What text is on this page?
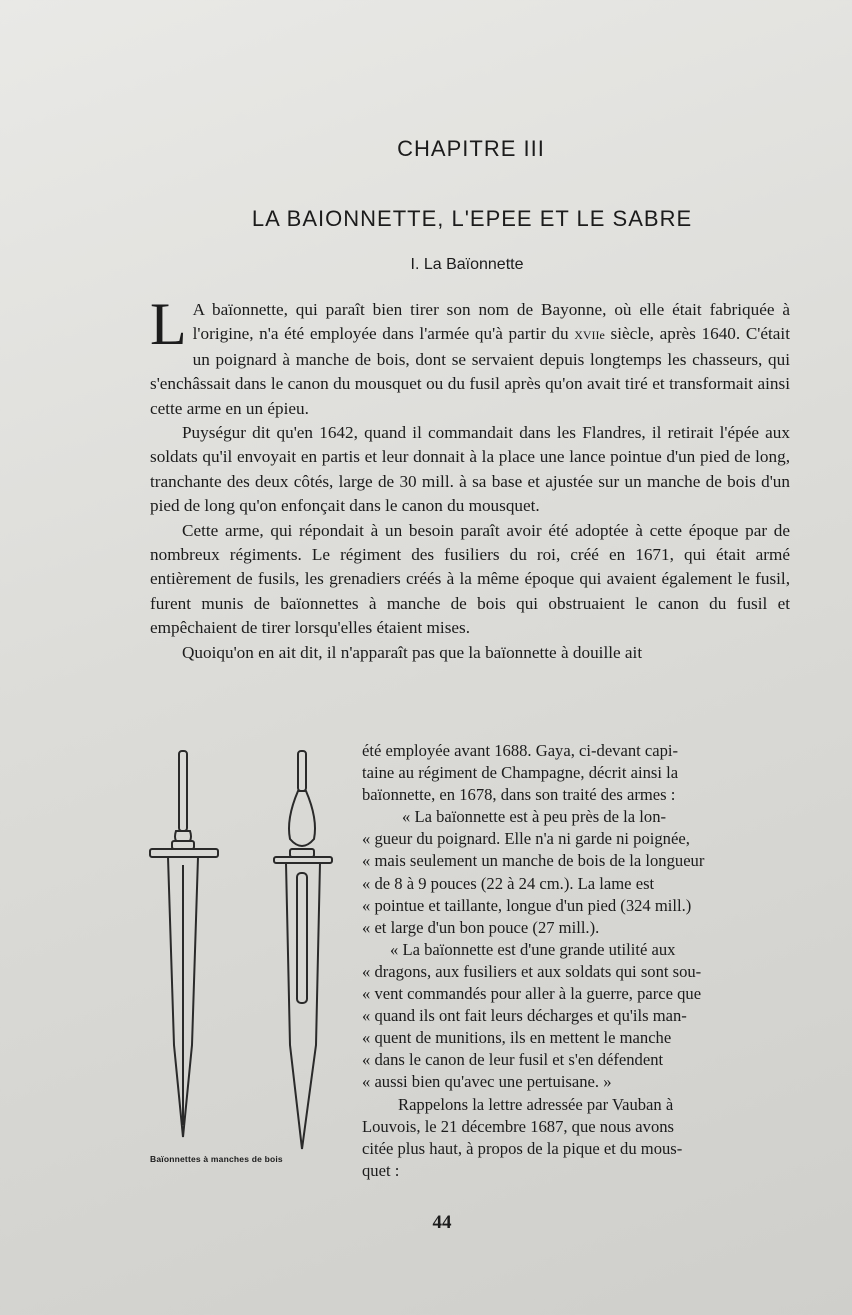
CHAPITRE III
LA BAIONNETTE, L'EPEE ET LE SABRE
I. La Baïonnette

L A baïonnette, qui paraît bien tirer son nom de Bayonne, où elle était fabriquée à l'origine, n'a été employée dans l'armée qu'à partir du XVIIe siècle, après 1640. C'était un poignard à manche de bois, dont se servaient depuis longtemps les chasseurs, qui s'enchâssait dans le canon du mousquet ou du fusil après qu'on avait tiré et transformait ainsi cette arme en un épieu.

Puységur dit qu'en 1642, quand il commandait dans les Flandres, il retirait l'épée aux soldats qu'il envoyait en partis et leur donnait à la place une lance pointue d'un pied de long, tranchante des deux côtés, large de 30 mill. à sa base et ajustée sur un manche de bois d'un pied de long qu'on enfonçait dans le canon du mousquet.

Cette arme, qui répondait à un besoin paraît avoir été adoptée à cette époque par de nombreux régiments. Le régiment des fusiliers du roi, créé en 1671, qui était armé entièrement de fusils, les grenadiers créés à la même époque qui avaient également le fusil, furent munis de baïonnettes à manche de bois qui obstruaient le canon du fusil et empêchaient de tirer lorsqu'elles étaient mises.

Quoiqu'on en ait dit, il n'apparaît pas que la baïonnette à douille ait

Baïonnettes à manches de bois
été employée avant 1688. Gaya, ci-devant capi-
taine au régiment de Champagne, décrit ainsi la
baïonnette, en 1678, dans son traité des armes :
« La baïonnette est à peu près de la lon-
« gueur du poignard. Elle n'a ni garde ni poignée,
« mais seulement un manche de bois de la longueur
« de 8 à 9 pouces (22 à 24 cm.). La lame est
« pointue et taillante, longue d'un pied (324 mill.)
« et large d'un bon pouce (27 mill.).
« La baïonnette est d'une grande utilité aux
« dragons, aux fusiliers et aux soldats qui sont sou-
« vent commandés pour aller à la guerre, parce que
« quand ils ont fait leurs décharges et qu'ils man-
« quent de munitions, ils en mettent le manche
« dans le canon de leur fusil et s'en défendent
« aussi bien qu'avec une pertuisane. »
Rappelons la lettre adressée par Vauban à
Louvois, le 21 décembre 1687, que nous avons
citée plus haut, à propos de la pique et du mous-
quet :
44
